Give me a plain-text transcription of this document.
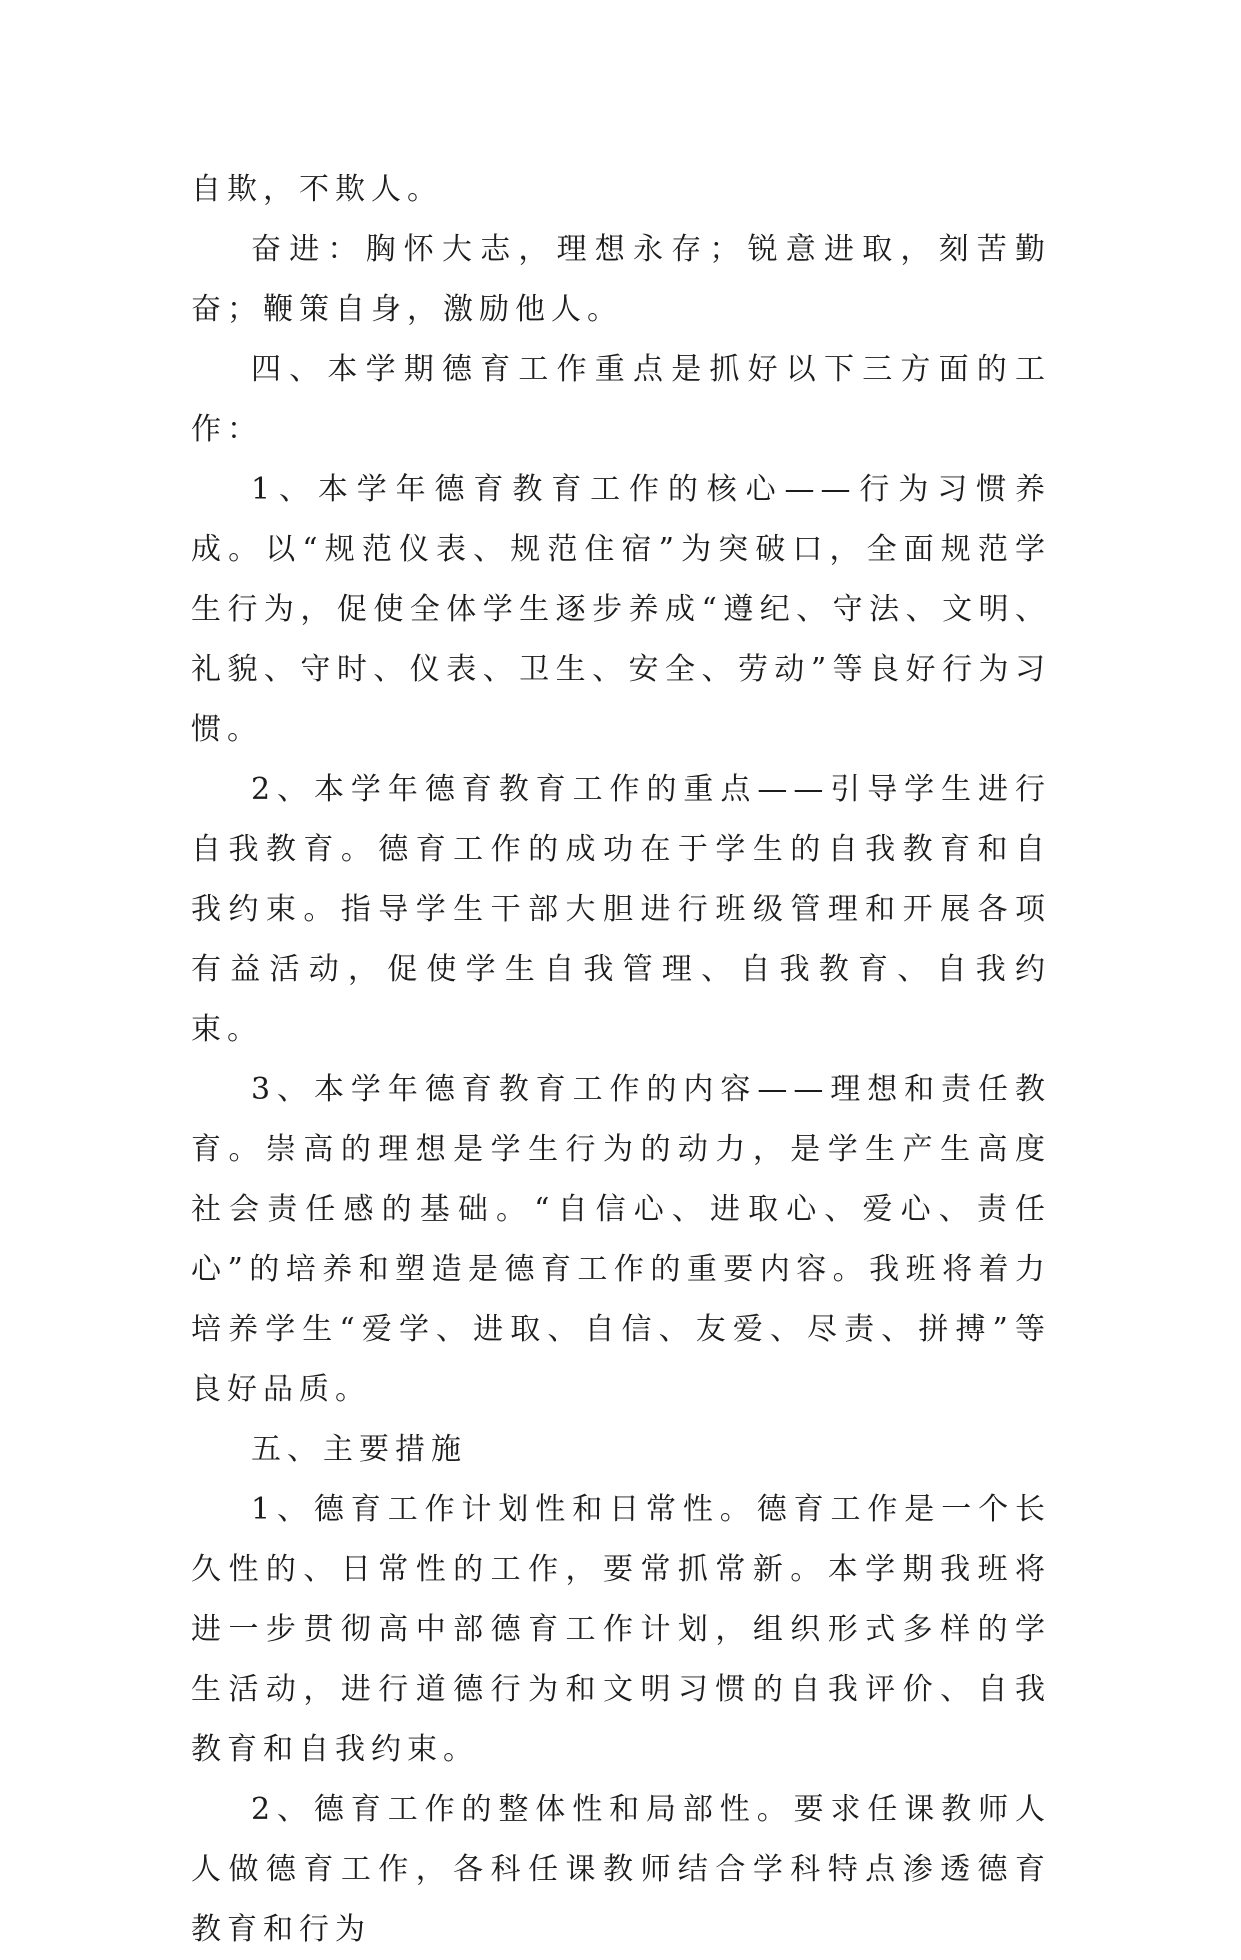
自欺，不欺人。

奋进：胸怀大志，理想永存；锐意进取，刻苦勤奋；鞭策自身，激励他人。

四、本学期德育工作重点是抓好以下三方面的工作：

1、本学年德育教育工作的核心——行为习惯养成。以“规范仪表、规范住宿”为突破口，全面规范学生行为，促使全体学生逐步养成“遵纪、守法、文明、礼貌、守时、仪表、卫生、安全、劳动”等良好行为习惯。

2、本学年德育教育工作的重点——引导学生进行自我教育。德育工作的成功在于学生的自我教育和自我约束。指导学生干部大胆进行班级管理和开展各项有益活动，促使学生自我管理、自我教育、自我约束。

3、本学年德育教育工作的内容——理想和责任教育。崇高的理想是学生行为的动力，是学生产生高度社会责任感的基础。“自信心、进取心、爱心、责任心”的培养和塑造是德育工作的重要内容。我班将着力培养学生“爱学、进取、自信、友爱、尽责、拼搏”等良好品质。

五、主要措施

1、德育工作计划性和日常性。德育工作是一个长久性的、日常性的工作，要常抓常新。本学期我班将进一步贯彻高中部德育工作计划，组织形式多样的学生活动，进行道德行为和文明习惯的自我评价、自我教育和自我约束。

2、德育工作的整体性和局部性。要求任课教师人人做德育工作，各科任课教师结合学科特点渗透德育教育和行为
